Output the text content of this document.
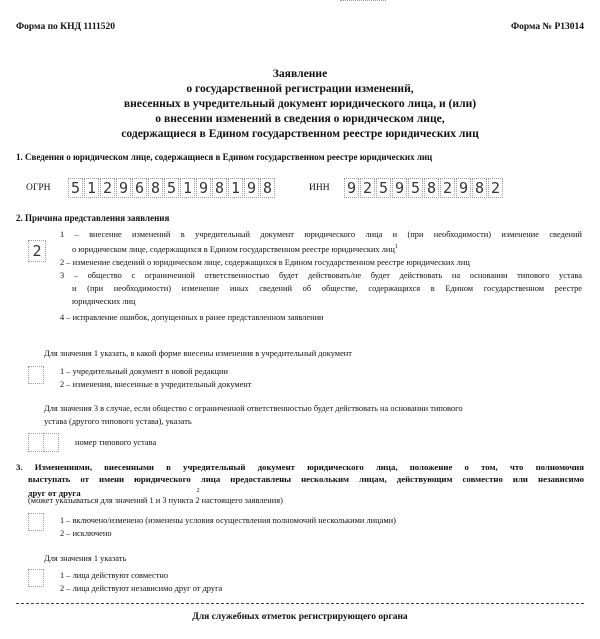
Форма по КНД 1111520	Форма № Р13014
Заявление
о государственной регистрации изменений,
внесенных в учредительный документ юридического лица, и (или)
о внесении изменений в сведения о юридическом лице,
содержащиеся в Едином государственном реестре юридических лиц
1. Сведения о юридическом лице, содержащиеся в Едином государственном реестре юридических лиц
ОГРН 5 1 2 9 6 8 5 1 9 8 1 9 8	ИНН 9 2 5 9 5 8 2 9 8 2
2. Причина представления заявления
2
1 – внесение изменений в учредительный документ юридического лица и (при необходимости) изменение сведений
о юридическом лице, содержащихся в Едином государственном реестре юридических лиц$^1$
2 – изменение сведений о юридическом лице, содержащихся в Едином государственном реестре юридических лиц
3 – общество с ограниченной ответственностью будет действовать/не будет действовать на основании типового устава
и (при необходимости) изменение иных сведений об обществе, содержащихся в Едином государственном реестре
юридических лиц
4 – исправление ошибок, допущенных в ранее представленном заявлении
Для значения 1 указать, в какой форме внесены изменения в учредительный документ
1 – учредительный документ в новой редакции
2 – изменения, внесенные в учредительный документ
Для значения 3 в случае, если общество с ограниченной ответственностью будет действовать на основании типового
устава (другого типового устава), указать
номер типового устава
3. Изменениями, внесенными в учредительный документ юридического лица, положение о том, что полномочия
выступать от имени юридического лица предоставлены нескольким лицам, действующим совместно или независимо
друг от друга	$^2$
(может указываться для значений 1 и 3 пункта 2 настоящего заявления)
1 – включено/изменено (изменены условия осуществления полномочий несколькими лицами)
2 – исключено
Для значения 1 указать
1 – лица действуют совместно
2 – лица действуют независимо друг от друга
Для служебных отметок регистрирующего органа
